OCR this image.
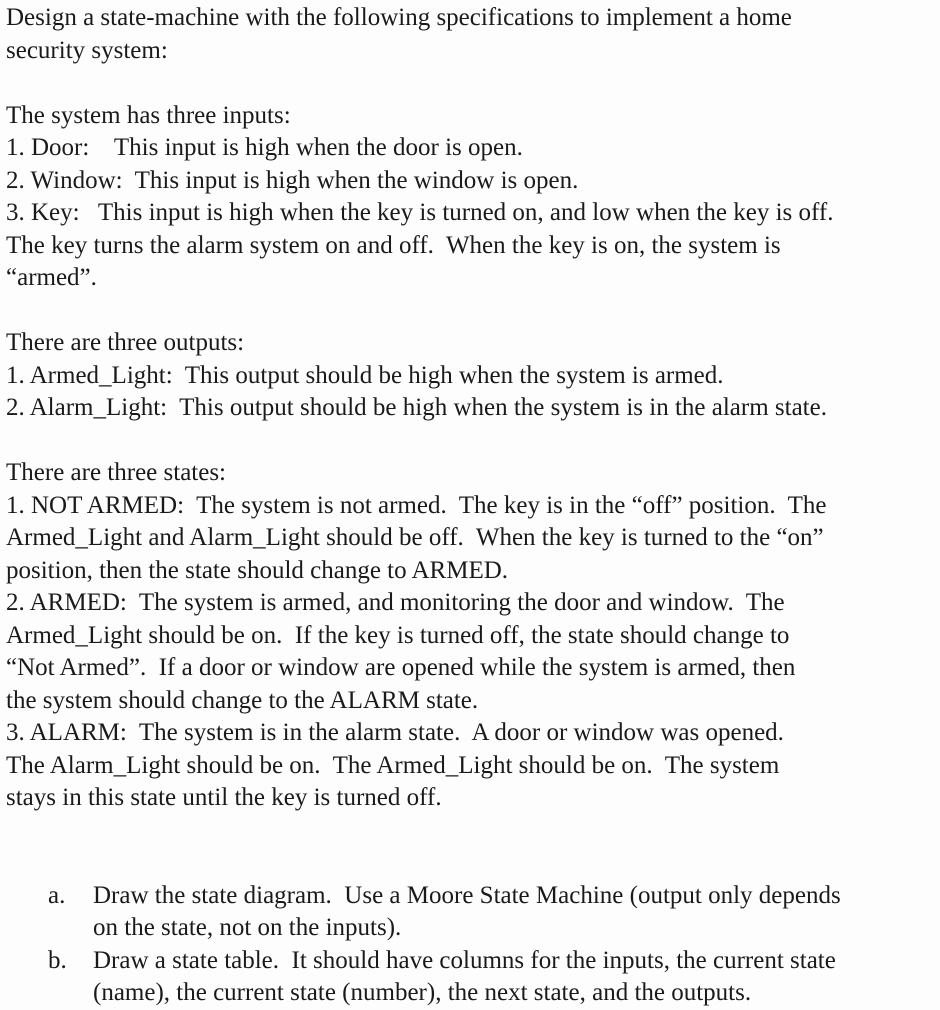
Design a state-machine with the following specifications to implement a home
security system:
The system has three inputs:
1. Door:    This input is high when the door is open.
2. Window:  This input is high when the window is open.
3. Key:   This input is high when the key is turned on, and low when the key is off.
The key turns the alarm system on and off.  When the key is on, the system is
“armed”.
There are three outputs:
1. Armed_Light:  This output should be high when the system is armed.
2. Alarm_Light:  This output should be high when the system is in the alarm state.
There are three states:
1. NOT ARMED:  The system is not armed.  The key is in the “off” position.  The
Armed_Light and Alarm_Light should be off.  When the key is turned to the “on”
position, then the state should change to ARMED.
2. ARMED:  The system is armed, and monitoring the door and window.  The
Armed_Light should be on.  If the key is turned off, the state should change to
“Not Armed”.  If a door or window are opened while the system is armed, then
the system should change to the ALARM state.
3. ALARM:  The system is in the alarm state.  A door or window was opened.
The Alarm_Light should be on.  The Armed_Light should be on.  The system
stays in this state until the key is turned off.
a.	Draw the state diagram.  Use a Moore State Machine (output only depends
on the state, not on the inputs).
b.	Draw a state table.  It should have columns for the inputs, the current state
(name), the current state (number), the next state, and the outputs.
